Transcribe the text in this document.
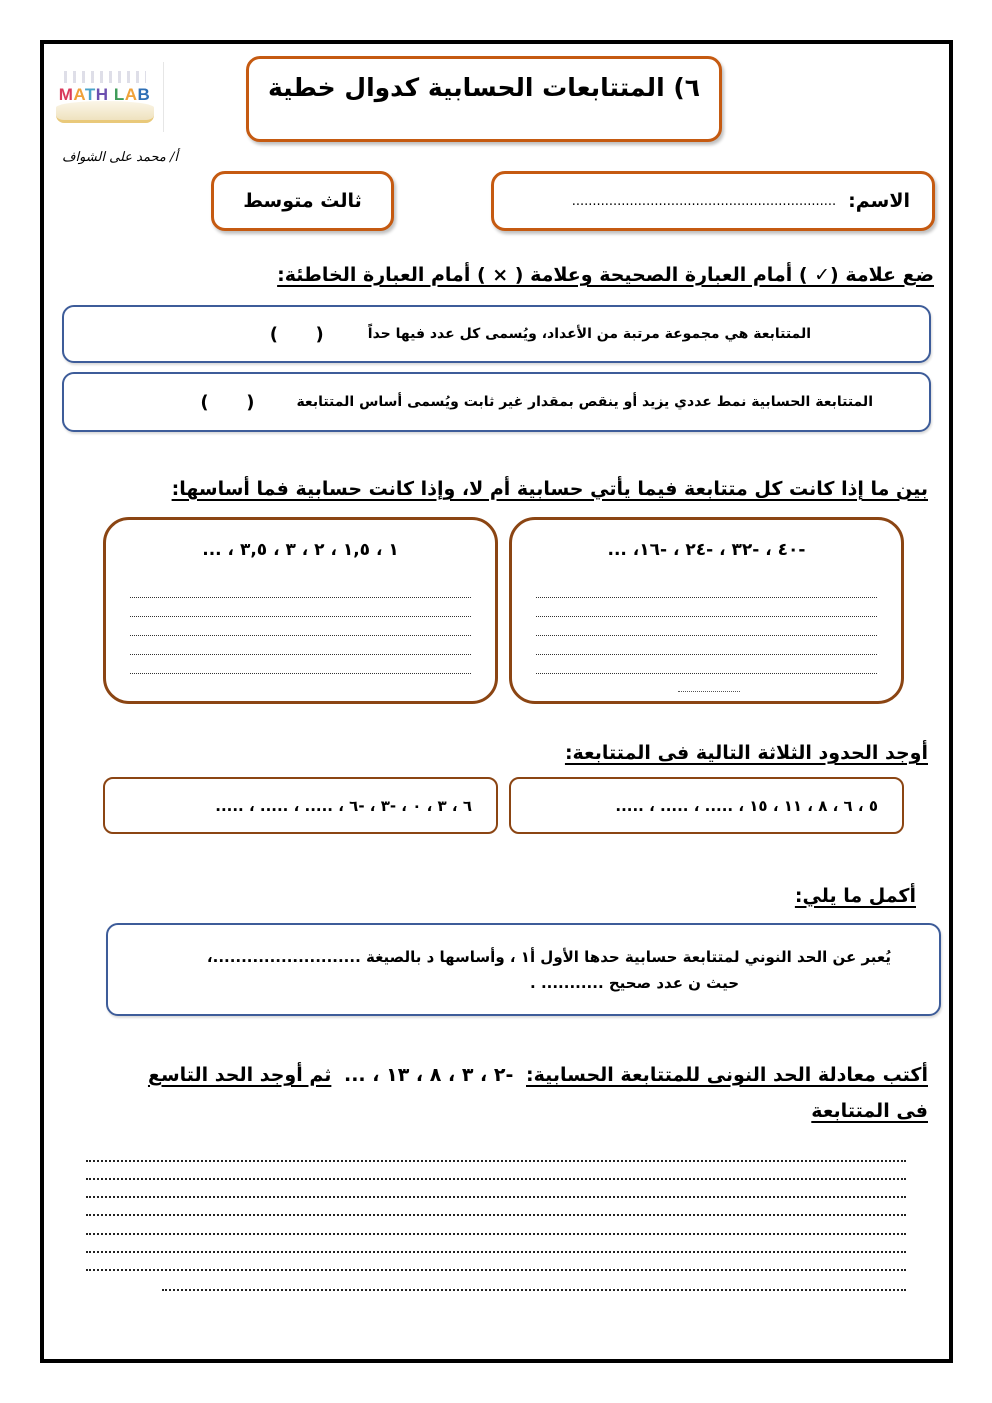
MATH LAB
أ/ محمد على الشواف
٦) المتتابعات الحسابية كدوال خطية
ثالث متوسط	الاسم:
................................................................
ضع علامة (✓ ) أمام العبارة الصحيحة وعلامة ( × ) أمام العبارة الخاطئة:
المتتابعة هي مجموعة مرتبة من الأعداد، ويُسمى كل عدد فيها حداً
(      )
المتتابعة الحسابية نمط عددي يزيد أو ينقص بمقدار غير ثابت ويُسمى أساس المتتابعة
(      )
بين ما إذا كانت كل متتابعة فيما يأتي حسابية أم لا، وإذا كانت حسابية فما أساسها:
-٤٠ ، -٣٢ ، -٢٤ ، -١٦، ...
١ ، ١,٥ ، ٢ ، ٣ ، ٣,٥ ، ...
أوجد الحدود الثلاثة التالية فى المتتابعة:
٥ ، ٦ ، ٨ ، ١١ ، ١٥ ، ..... ، ..... ، .....
٦ ، ٣ ، ٠ ، -٣ ، -٦ ، ..... ، ..... ، .....
أكمل ما يلي:
يُعبر عن الحد النوني لمتتابعة حسابية حدها الأول أ١ ، وأساسها د بالصيغة ..........................،
حيث ن عدد صحيح ........... .
أكتب معادلة الحد النونى للمتتابعة الحسابية: -٢ ، ٣ ، ٨ ، ١٣ ، ... ثم أوجد الحد التاسع
فى المتتابعة
